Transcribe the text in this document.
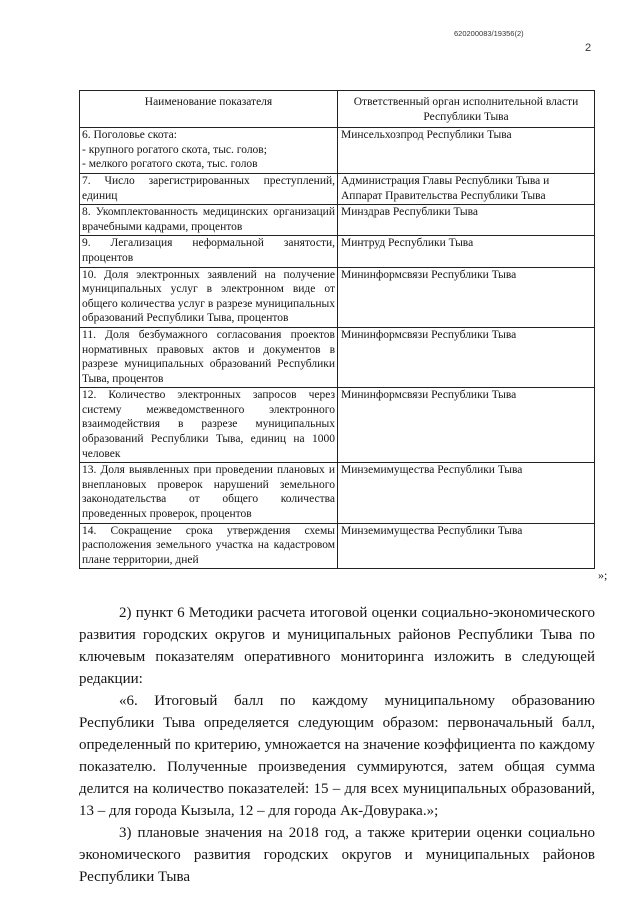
620200083/19356(2)
2
Наименование показателя	Ответственный орган исполнительной власти Республики Тыва

6. Поголовье скота:
- крупного рогатого скота, тыс. голов;
- мелкого рогатого скота, тыс. голов	Минсельхозпрод Республики Тыва

7. Число зарегистрированных преступлений, единиц	Администрация Главы Республики Тыва и Аппарат Правительства Республики Тыва

8. Укомплектованность медицинских организаций врачебными кадрами, процентов	Минздрав Республики Тыва

9. Легализация неформальной занятости, процентов	Минтруд Республики Тыва

10. Доля электронных заявлений на получение муниципальных услуг в электронном виде от общего количества услуг в разрезе муниципальных образований Республики Тыва, процентов	Мининформсвязи Республики Тыва

11. Доля безбумажного согласования проектов нормативных правовых актов и документов в разрезе муниципальных образований Республики Тыва, процентов	Мининформсвязи Республики Тыва

12. Количество электронных запросов через систему межведомственного электронного взаимодействия в разрезе муниципальных образований Республики Тыва, единиц на 1000 человек	Мининформсвязи Республики Тыва

13. Доля выявленных при проведении плановых и внеплановых проверок нарушений земельного законодательства от общего количества проведенных проверок, процентов	Минземимущества Республики Тыва

14. Сокращение срока утверждения схемы расположения земельного участка на кадастровом плане территории, дней	Минземимущества Республики Тыва
»;

2) пункт 6 Методики расчета итоговой оценки социально-экономического развития городских округов и муниципальных районов Республики Тыва по ключевым показателям оперативного мониторинга изложить в следующей редакции:

«6. Итоговый балл по каждому муниципальному образованию Республики Тыва определяется следующим образом: первоначальный балл, определенный по критерию, умножается на значение коэффициента по каждому показателю. Полученные произведения суммируются, затем общая сумма делится на количество показателей: 15 – для всех муниципальных образований, 13 – для города Кызыла, 12 – для города Ак-Довурака.»;

3) плановые значения на 2018 год, а также критерии оценки социально экономического развития городских округов и муниципальных районов Республики Тыва
